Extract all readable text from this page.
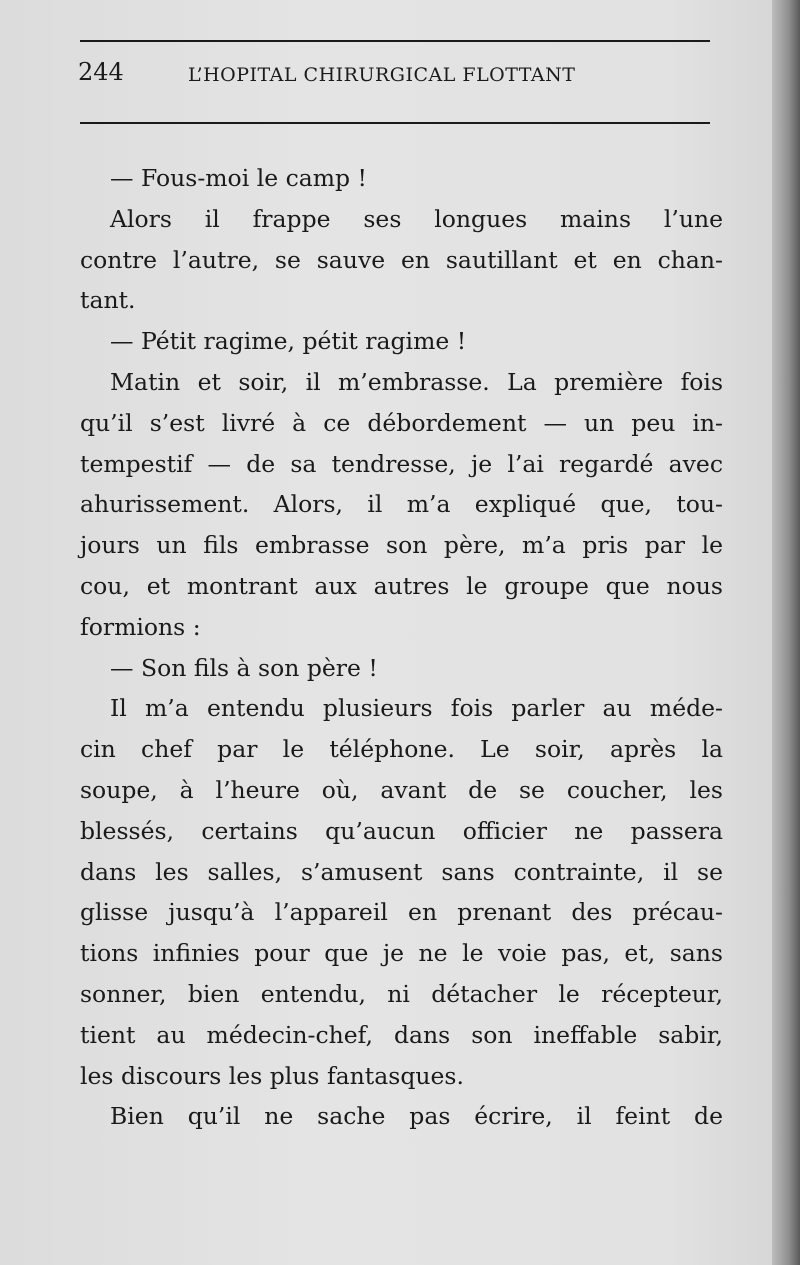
244	L’HOPITAL CHIRURGICAL FLOTTANT
— Fous-moi le camp !
Alors il frappe ses longues mains l’une
contre l’autre, se sauve en sautillant et en chan-
tant.
— Pétit ragime, pétit ragime !
Matin et soir, il m’embrasse. La première fois
qu’il s’est livré à ce débordement — un peu in-
tempestif — de sa tendresse, je l’ai regardé avec
ahurissement. Alors, il m’a expliqué que, tou-
jours un fils embrasse son père, m’a pris par le
cou, et montrant aux autres le groupe que nous
formions :
— Son fils à son père !
Il m’a entendu plusieurs fois parler au méde-
cin chef par le téléphone. Le soir, après la
soupe, à l’heure où, avant de se coucher, les
blessés, certains qu’aucun officier ne passera
dans les salles, s’amusent sans contrainte, il se
glisse jusqu’à l’appareil en prenant des précau-
tions infinies pour que je ne le voie pas, et, sans
sonner, bien entendu, ni détacher le récepteur,
tient au médecin-chef, dans son ineffable sabir,
les discours les plus fantasques.
Bien qu’il ne sache pas écrire, il feint de
